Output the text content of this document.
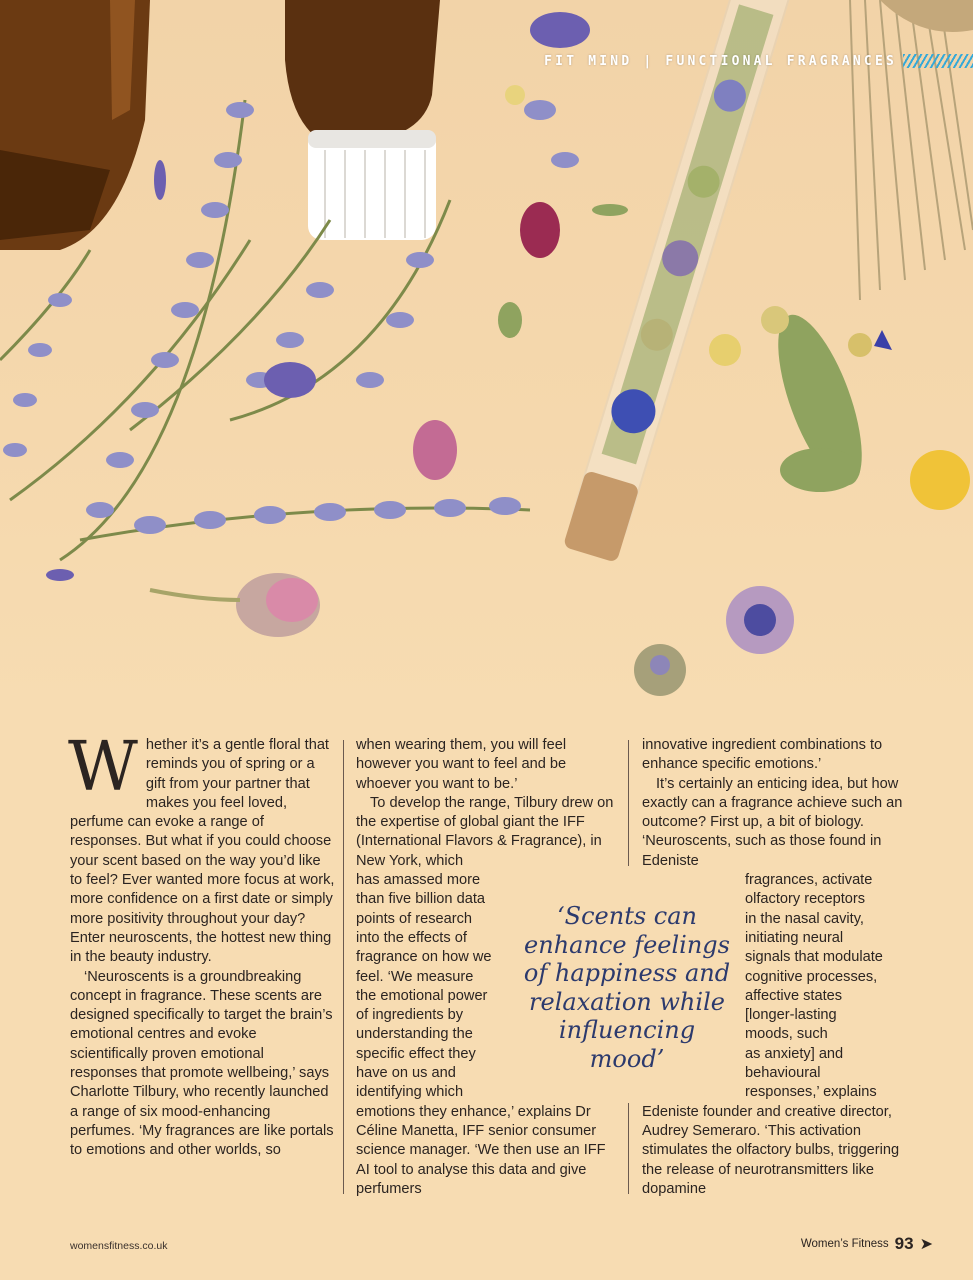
FIT MIND | FUNCTIONAL FRAGRANCES

Whether it’s a gentle floral that reminds you of spring or a gift from your partner that makes you feel loved, perfume can evoke a range of responses. But what if you could choose your scent based on the way you’d like to feel? Ever wanted more focus at work, more confidence on a first date or simply more positivity throughout your day? Enter neuroscents, the hottest new thing in the beauty industry.

‘Neuroscents is a groundbreaking concept in fragrance. These scents are designed specifically to target the brain’s emotional centres and evoke scientifically proven emotional responses that promote wellbeing,’ says Charlotte Tilbury, who recently launched a range of six mood-enhancing perfumes. ‘My fragrances are like portals to emotions and other worlds, so

when wearing them, you will feel however you want to feel and be whoever you want to be.’

To develop the range, Tilbury drew on the expertise of global giant the IFF (International Flavors & Fragrance), in New York, which

has amassed more
than five billion data
points of research
into the effects of
fragrance on how we
feel. ‘We measure
the emotional power
of ingredients by
understanding the
specific effect they
have on us and
identifying which

emotions they enhance,’ explains Dr Céline Manetta, IFF senior consumer science manager. ‘We then use an IFF AI tool to analyse this data and give perfumers

innovative ingredient combinations to enhance specific emotions.’

It’s certainly an enticing idea, but how exactly can a fragrance achieve such an outcome? First up, a bit of biology. ‘Neuroscents, such as those found in Edeniste

fragrances, activate
olfactory receptors
in the nasal cavity,
initiating neural
signals that modulate
cognitive processes,
affective states
[longer-lasting
moods, such
as anxiety] and
behavioural
responses,’ explains

Edeniste founder and creative director, Audrey Semeraro. ‘This activation stimulates the olfactory bulbs, triggering the release of neurotransmitters like dopamine

‘Scents can
enhance feelings
of happiness and
relaxation while
influencing
mood’
womensfitness.co.uk	Women’s Fitness 93 ➤
